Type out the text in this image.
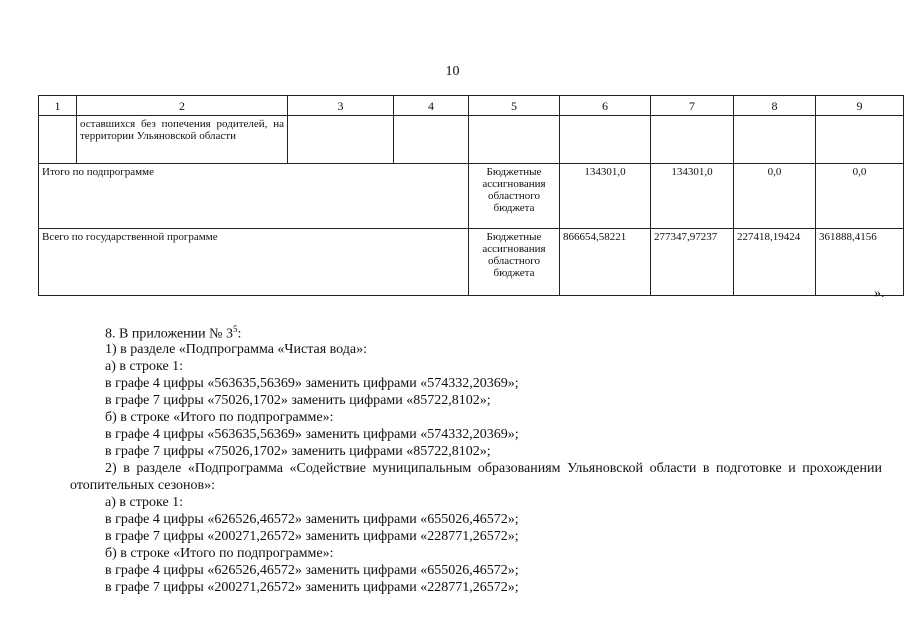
10
1	2	3	4	5	6	7	8	9
	оставшихся без попечения родителей, на территории Ульяновской области							
Итого по подпрограмме				Бюджетные ассигнования областного бюджета	134301,0	134301,0	0,0	0,0
Всего по государственной программе				Бюджетные ассигнования областного бюджета	866654,58221	277347,97237	227418,19424	361888,4156
».
8. В приложении № $3^5$:
1) в разделе «Подпрограмма «Чистая вода»:
а) в строке 1:
в графе 4 цифры «563635,56369» заменить цифрами «574332,20369»;
в графе 7 цифры «75026,1702» заменить цифрами «85722,8102»;
б) в строке «Итого по подпрограмме»:
в графе 4 цифры «563635,56369» заменить цифрами «574332,20369»;
в графе 7 цифры «75026,1702» заменить цифрами «85722,8102»;
2) в разделе «Подпрограмма «Содействие муниципальным образованиям Ульяновской области в подготовке и прохождении отопительных сезонов»:
а) в строке 1:
в графе 4 цифры «626526,46572» заменить цифрами «655026,46572»;
в графе 7 цифры «200271,26572» заменить цифрами «228771,26572»;
б) в строке «Итого по подпрограмме»:
в графе 4 цифры «626526,46572» заменить цифрами «655026,46572»;
в графе 7 цифры «200271,26572» заменить цифрами «228771,26572»;
